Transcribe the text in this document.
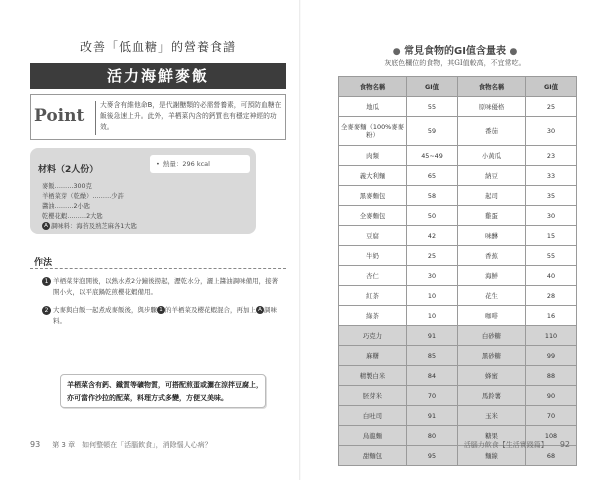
改善「低血糖」的營養食譜
活力海鮮麥飯
Point
大麥含有維他命B，是代謝醣類的必需營養素，可預防血糖在飯後急速上升。此外，羊栖菜內含的鈣質也有穩定神經的功效。
材料（2人份）
• 熱量：296 kcal
麥飯………300克
羊栖菜芽（乾燥）………少許
醬油………2小匙
乾櫻花蝦………2大匙
A 調味料：海苔及熟芝麻各1大匙
作法
1 羊栖菜芽泡開後，以熱水煮2分鐘後撈起，瀝乾水分，灑上醬油調味備用，接著開小火，以平底鍋乾煎櫻花蝦備用。
2 大麥與白飯一起煮成麥飯後，與步驟 1 的羊栖菜及櫻花蝦混合，再加上 A 調味料。
羊栖菜含有鈣、鐵質等礦物質，可搭配煎蛋或灑在涼拌豆腐上，亦可當作沙拉的配菜，料理方式多變，方便又美味。
93 第 3 章　如何整頓在「活腦飲食」，消除惱人心病？
● 常見食物的GI值含量表 ●
灰底色欄位的食物，其GI值較高，不宜常吃。
食物名稱	GI值	食物名稱	GI值
地瓜	55	原味優格	25
全麥麥麵（100%麥麥粉）	59	番茄	30
肉類	45~49	小黃瓜	23
義大利麵	65	納豆	33
黑麥麵包	58	起司	35
全麥麵包	50	雞蛋	30
豆腐	42	味醂	15
牛奶	25	香蕉	55
杏仁	30	海鮮	40
紅茶	10	花生	28
綠茶	10	咖啡	16
巧克力	91	白砂糖	110
麻糬	85	黑砂糖	99
精製白米	84	蜂蜜	88
胚芽米	70	馬鈴薯	90
白吐司	91	玉米	70
烏龍麵	80	糖果	108
甜麵包	95	麵線	68
活腦力飲食【生活實踐篇】 92
